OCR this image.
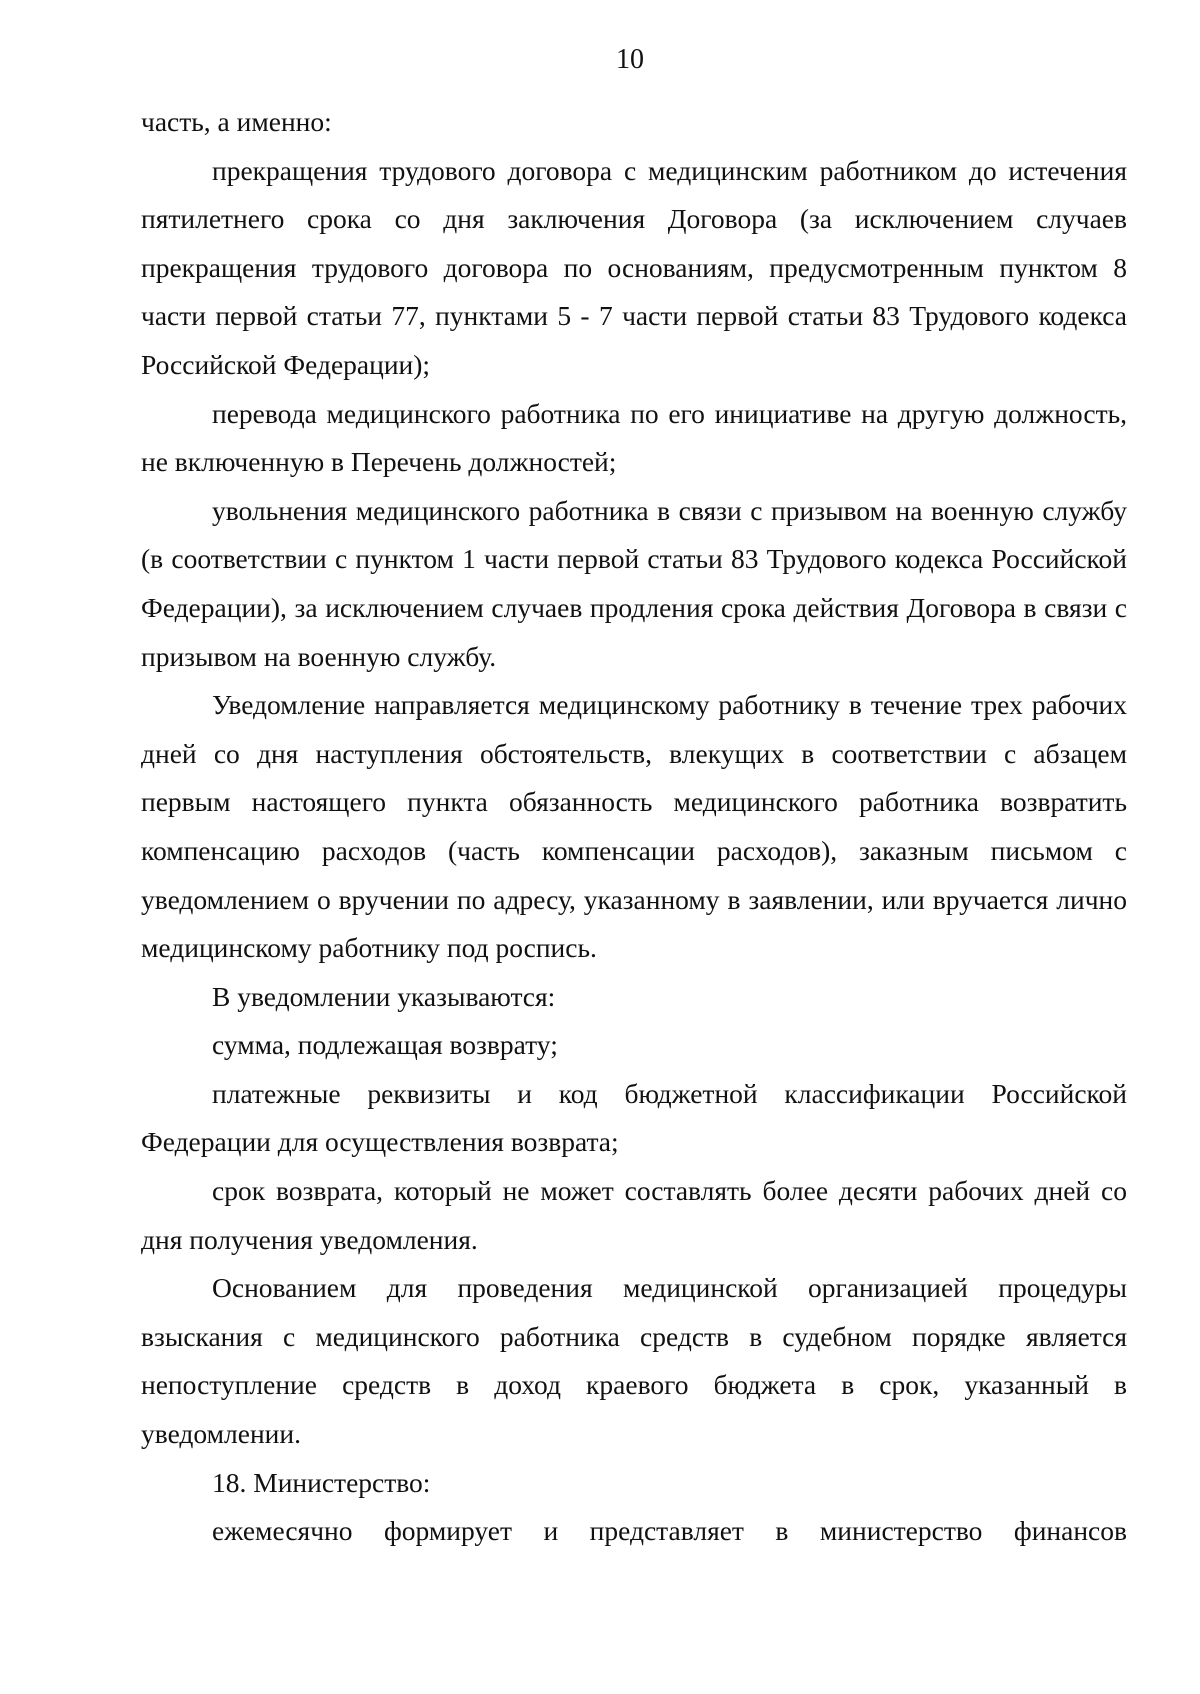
10

часть, а именно:

прекращения трудового договора с медицинским работником до истечения пятилетнего срока со дня заключения Договора (за исключением случаев прекращения трудового договора по основаниям, предусмотренным пунктом 8 части первой статьи 77, пунктами 5 - 7 части первой статьи 83 Трудового кодекса Российской Федерации);

перевода медицинского работника по его инициативе на другую должность, не включенную в Перечень должностей;

увольнения медицинского работника в связи с призывом на военную службу (в соответствии с пунктом 1 части первой статьи 83 Трудового кодекса Российской Федерации), за исключением случаев продления срока действия Договора в связи с призывом на военную службу.

Уведомление направляется медицинскому работнику в течение трех рабочих дней со дня наступления обстоятельств, влекущих в соответствии с абзацем первым настоящего пункта обязанность медицинского работника возвратить компенсацию расходов (часть компенсации расходов), заказным письмом с уведомлением о вручении по адресу, указанному в заявлении, или вручается лично медицинскому работнику под роспись.

В уведомлении указываются:

сумма, подлежащая возврату;

платежные реквизиты и код бюджетной классификации Российской Федерации для осуществления возврата;

срок возврата, который не может составлять более десяти рабочих дней со дня получения уведомления.

Основанием для проведения медицинской организацией процедуры взыскания с медицинского работника средств в судебном порядке является непоступление средств в доход краевого бюджета в срок, указанный в уведомлении.

18. Министерство:

ежемесячно формирует и представляет в министерство финансов
